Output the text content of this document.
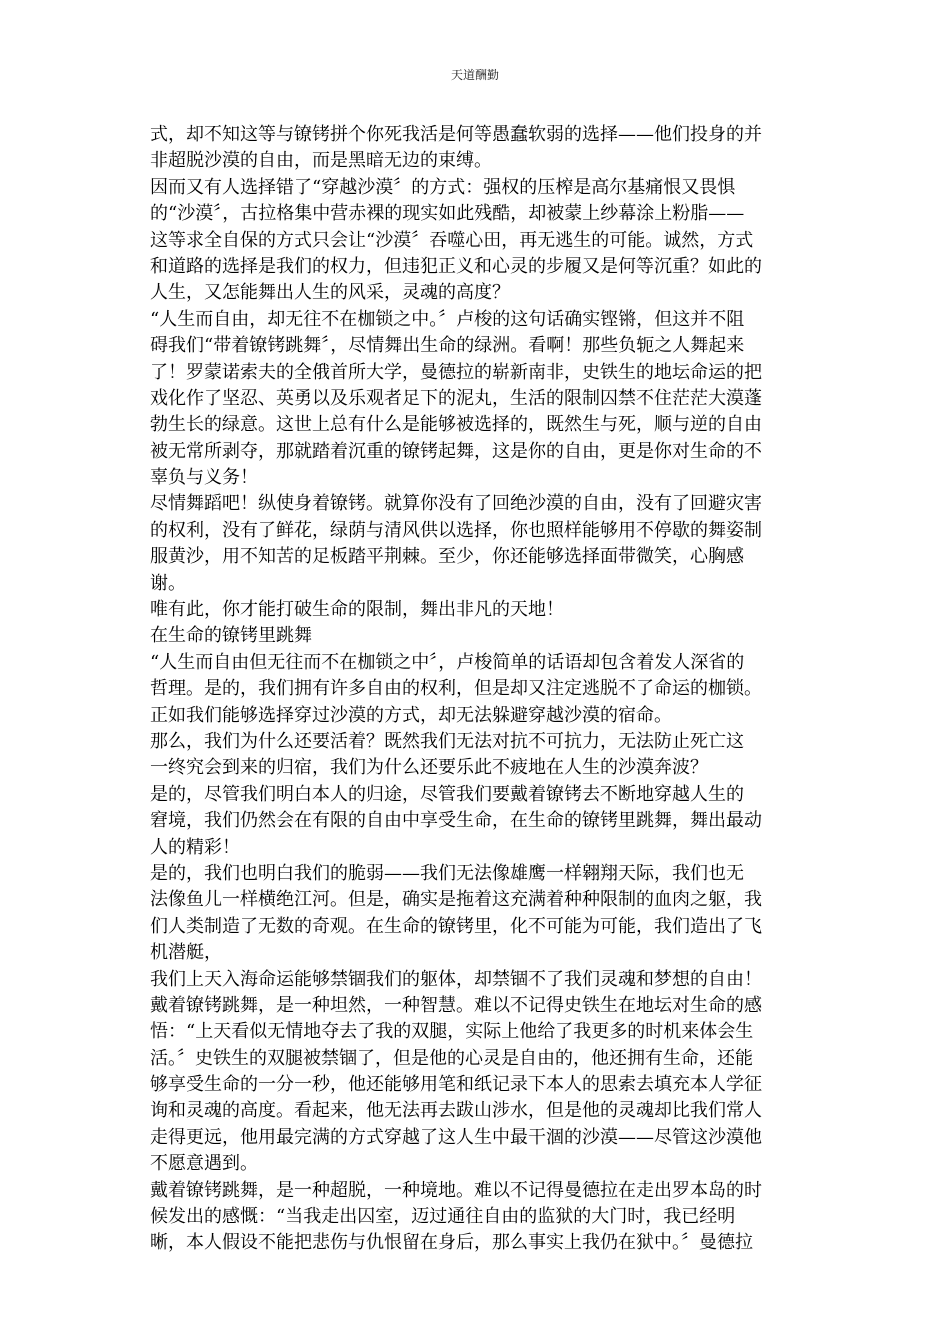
天道酬勤
式，却不知这等与镣铐拼个你死我活是何等愚蠢软弱的选择——他们投身的并
非超脱沙漠的自由，而是黑暗无边的束缚。
因而又有人选择错了“穿越沙漠〞的方式：强权的压榨是高尔基痛恨又畏惧
的“沙漠〞，古拉格集中营赤裸的现实如此残酷，却被蒙上纱幕涂上粉脂——
这等求全自保的方式只会让“沙漠〞吞噬心田，再无逃生的可能。诚然，方式
和道路的选择是我们的权力，但违犯正义和心灵的步履又是何等沉重？如此的
人生，又怎能舞出人生的风采，灵魂的高度？
“人生而自由，却无往不在枷锁之中。〞卢梭的这句话确实铿锵，但这并不阻
碍我们“带着镣铐跳舞〞，尽情舞出生命的绿洲。看啊！那些负轭之人舞起来
了！罗蒙诺索夫的全俄首所大学，曼德拉的崭新南非，史铁生的地坛命运的把
戏化作了坚忍、英勇以及乐观者足下的泥丸，生活的限制囚禁不住茫茫大漠蓬
勃生长的绿意。这世上总有什么是能够被选择的，既然生与死，顺与逆的自由
被无常所剥夺，那就踏着沉重的镣铐起舞，这是你的自由，更是你对生命的不
辜负与义务！
尽情舞蹈吧！纵使身着镣铐。就算你没有了回绝沙漠的自由，没有了回避灾害
的权利，没有了鲜花，绿荫与清风供以选择，你也照样能够用不停歇的舞姿制
服黄沙，用不知苦的足板踏平荆棘。至少，你还能够选择面带微笑，心胸感
谢。
唯有此，你才能打破生命的限制，舞出非凡的天地！
在生命的镣铐里跳舞
“人生而自由但无往而不在枷锁之中〞，卢梭简单的话语却包含着发人深省的
哲理。是的，我们拥有许多自由的权利，但是却又注定逃脱不了命运的枷锁。
正如我们能够选择穿过沙漠的方式，却无法躲避穿越沙漠的宿命。
那么，我们为什么还要活着？既然我们无法对抗不可抗力，无法防止死亡这
一终究会到来的归宿，我们为什么还要乐此不疲地在人生的沙漠奔波？
是的，尽管我们明白本人的归途，尽管我们要戴着镣铐去不断地穿越人生的
窘境，我们仍然会在有限的自由中享受生命，在生命的镣铐里跳舞，舞出最动
人的精彩！
是的，我们也明白我们的脆弱——我们无法像雄鹰一样翱翔天际，我们也无
法像鱼儿一样横绝江河。但是，确实是拖着这充满着种种限制的血肉之躯，我
们人类制造了无数的奇观。在生命的镣铐里，化不可能为可能，我们造出了飞
机潜艇，
我们上天入海命运能够禁锢我们的躯体，却禁锢不了我们灵魂和梦想的自由！
戴着镣铐跳舞，是一种坦然，一种智慧。难以不记得史铁生在地坛对生命的感
悟：“上天看似无情地夺去了我的双腿，实际上他给了我更多的时机来体会生
活。〞史铁生的双腿被禁锢了，但是他的心灵是自由的，他还拥有生命，还能
够享受生命的一分一秒，他还能够用笔和纸记录下本人的思索去填充本人学征
询和灵魂的高度。看起来，他无法再去跋山涉水，但是他的灵魂却比我们常人
走得更远，他用最完满的方式穿越了这人生中最干涸的沙漠——尽管这沙漠他
不愿意遇到。
戴着镣铐跳舞，是一种超脱，一种境地。难以不记得曼德拉在走出罗本岛的时
候发出的感慨：“当我走出囚室，迈过通往自由的监狱的大门时，我已经明
晰，本人假设不能把悲伤与仇恨留在身后，那么事实上我仍在狱中。〞曼德拉
